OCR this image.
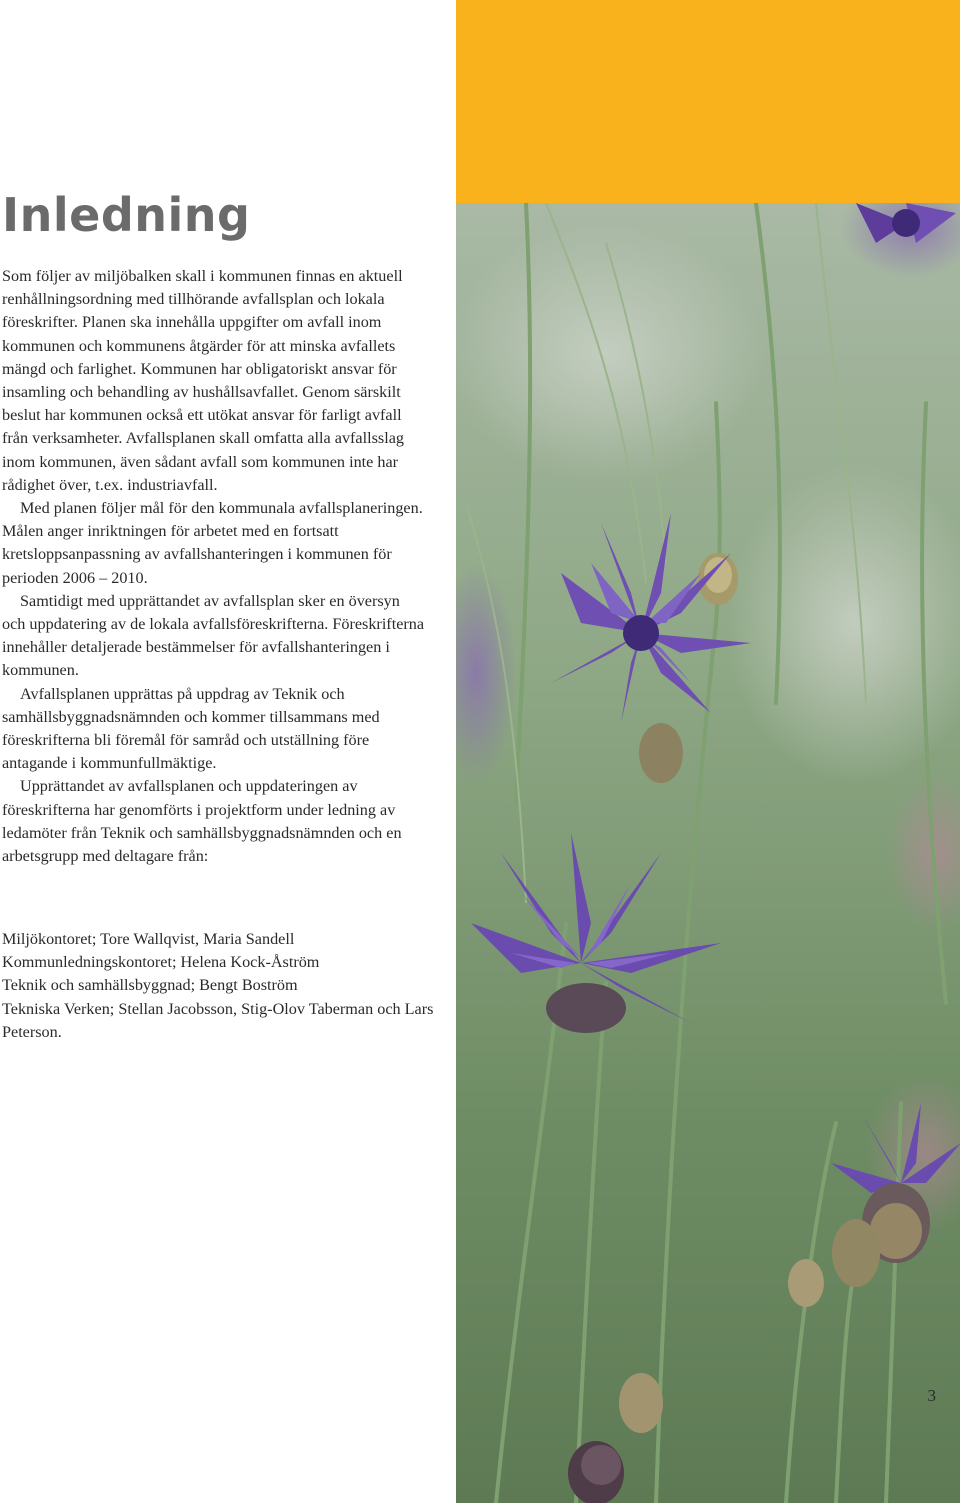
Inledning

Som följer av miljöbalken skall i kommunen finnas en aktuell renhållningsordning med tillhörande avfallsplan och lokala föreskrifter. Planen ska innehålla uppgifter om avfall inom kommunen och kommunens åtgärder för att minska avfallets mängd och farlighet. Kommunen har obligatoriskt ansvar för insamling och behandling av hushållsavfallet. Genom särskilt beslut har kommunen också ett utökat ansvar för farligt avfall från verksamheter. Avfallsplanen skall omfatta alla avfallsslag inom kommunen, även sådant avfall som kommunen inte har rådighet över, t.ex. industriavfall.

Med planen följer mål för den kommunala avfallsplaneringen. Målen anger inriktningen för arbetet med en fortsatt kretsloppsanpassning av avfallshanteringen i kommunen för perioden 2006 – 2010.

Samtidigt med upprättandet av avfallsplan sker en översyn och uppdatering av de lokala avfallsföreskrifterna. Föreskrifterna innehåller detaljerade bestämmelser för avfallshanteringen i kommunen.

Avfallsplanen upprättas på uppdrag av Teknik och samhällsbyggnadsnämnden och kommer tillsammans med föreskrifterna bli föremål för samråd och utställning före antagande i kommunfullmäktige.

Upprättandet av avfallsplanen och uppdateringen av föreskrifterna har genomförts i projektform under ledning av ledamöter från Teknik och samhällsbyggnadsnämnden och en arbetsgrupp med deltagare från:

Miljökontoret; Tore Wallqvist, Maria Sandell
Kommunledningskontoret; Helena Kock-Åström
Teknik och samhällsbyggnad; Bengt Boström
Tekniska Verken; Stellan Jacobsson, Stig-Olov Taberman och Lars Peterson.
3
